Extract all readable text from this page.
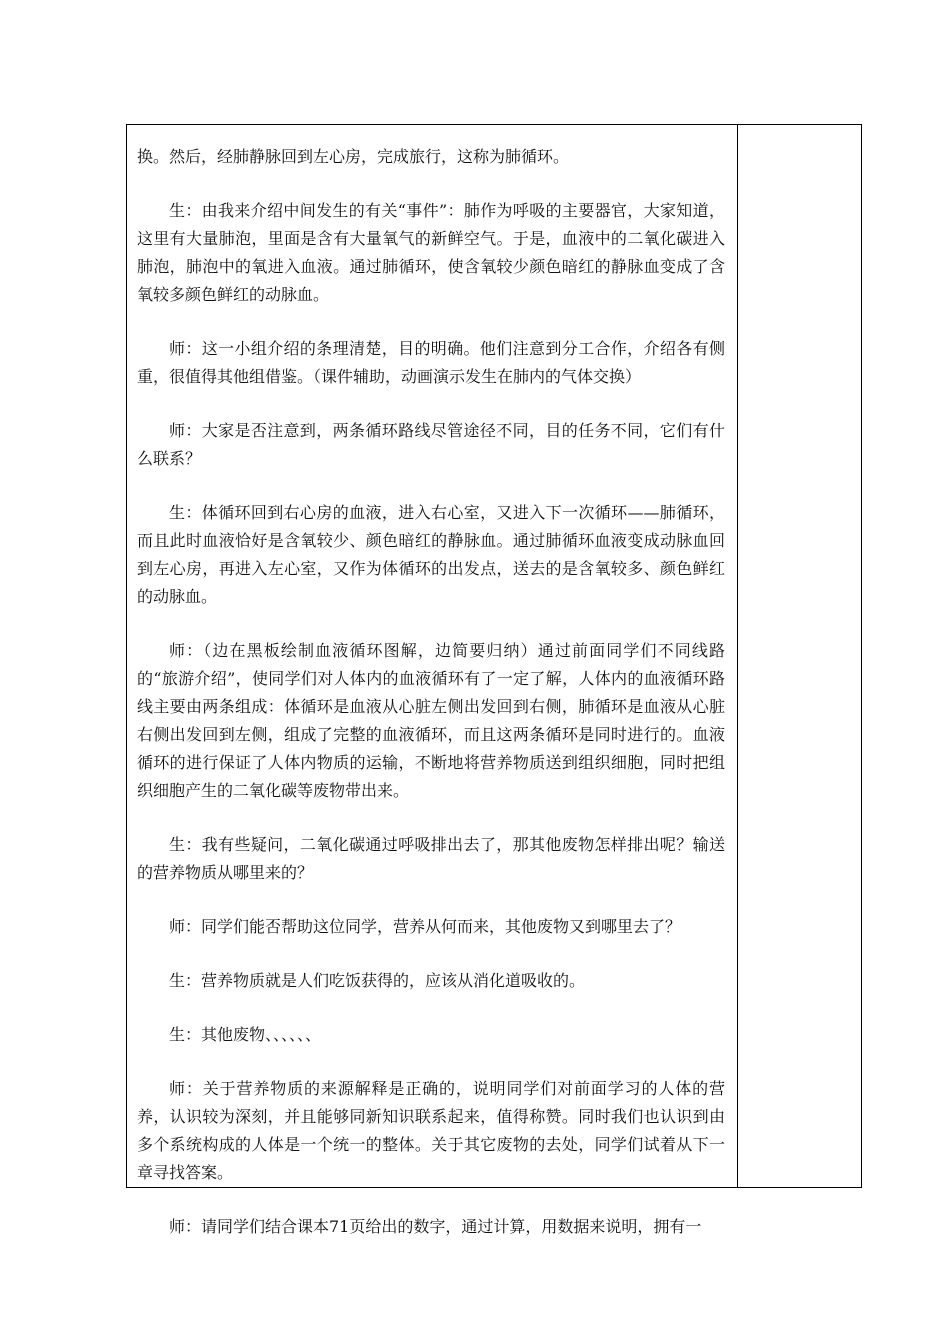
换。然后，经肺静脉回到左心房，完成旅行，这称为肺循环。

生：由我来介绍中间发生的有关“事件”：肺作为呼吸的主要器官，大家知道，这里有大量肺泡，里面是含有大量氧气的新鲜空气。于是，血液中的二氧化碳进入肺泡，肺泡中的氧进入血液。通过肺循环，使含氧较少颜色暗红的静脉血变成了含氧较多颜色鲜红的动脉血。

师：这一小组介绍的条理清楚，目的明确。他们注意到分工合作，介绍各有侧重，很值得其他组借鉴。（课件辅助，动画演示发生在肺内的气体交换）

师：大家是否注意到，两条循环路线尽管途径不同，目的任务不同，它们有什么联系？

生：体循环回到右心房的血液，进入右心室，又进入下一次循环——肺循环，而且此时血液恰好是含氧较少、颜色暗红的静脉血。通过肺循环血液变成动脉血回到左心房，再进入左心室，又作为体循环的出发点，送去的是含氧较多、颜色鲜红的动脉血。

师：（边在黑板绘制血液循环图解，边简要归纳）通过前面同学们不同线路的“旅游介绍”，使同学们对人体内的血液循环有了一定了解，人体内的血液循环路线主要由两条组成：体循环是血液从心脏左侧出发回到右侧，肺循环是血液从心脏右侧出发回到左侧，组成了完整的血液循环，而且这两条循环是同时进行的。血液循环的进行保证了人体内物质的运输，不断地将营养物质送到组织细胞，同时把组织细胞产生的二氧化碳等废物带出来。

生：我有些疑问，二氧化碳通过呼吸排出去了，那其他废物怎样排出呢？输送的营养物质从哪里来的？

师：同学们能否帮助这位同学，营养从何而来，其他废物又到哪里去了？

生：营养物质就是人们吃饭获得的，应该从消化道吸收的。

生：其他废物、、、、、、

师：关于营养物质的来源解释是正确的，说明同学们对前面学习的人体的营养，认识较为深刻，并且能够同新知识联系起来，值得称赞。同时我们也认识到由多个系统构成的人体是一个统一的整体。关于其它废物的去处，同学们试着从下一章寻找答案。

师：请同学们结合课本71页给出的数字，通过计算，用数据来说明，拥有一
